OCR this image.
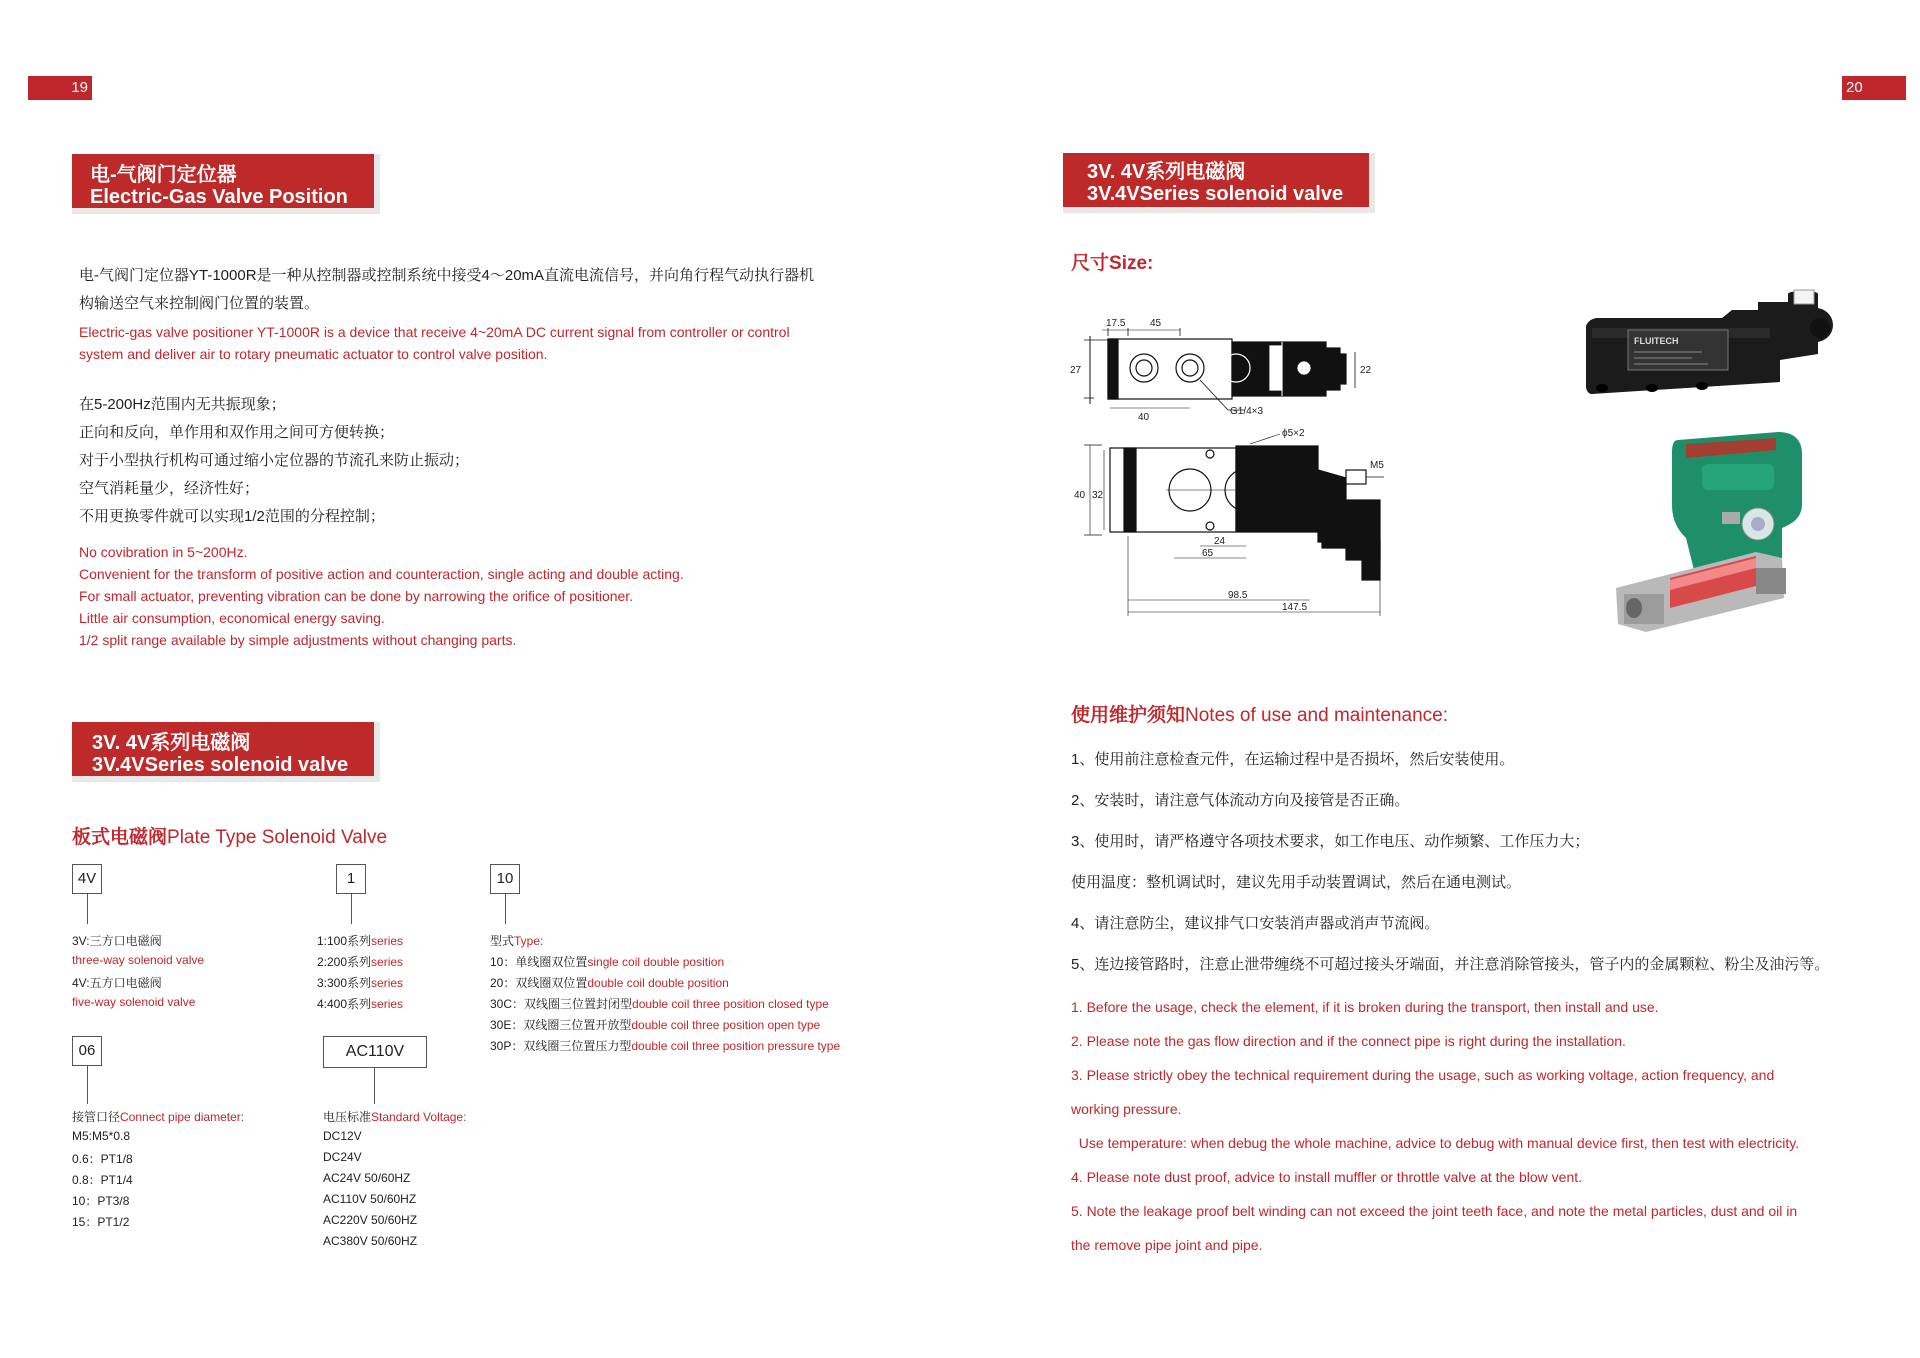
19
电-气阀门定位器
Electric-Gas Valve Position
电-气阀门定位器YT-1000R是一种从控制器或控制系统中接受4～20mA直流电流信号，并向角行程气动执行器机
构输送空气来控制阀门位置的装置。
Electric-gas valve positioner YT-1000R is a device that receive 4~20mA DC current signal from controller or control
system and deliver air to rotary pneumatic actuator to control valve position.
在5-200Hz范围内无共振现象；
正向和反向，单作用和双作用之间可方便转换；
对于小型执行机构可通过缩小定位器的节流孔来防止振动；
空气消耗量少，经济性好；
不用更换零件就可以实现1/2范围的分程控制；
No covibration in 5~200Hz.
Convenient for the transform of positive action and counteraction, single acting and double acting.
For small actuator, preventing vibration can be done by narrowing the orifice of positioner.
Little air consumption, economical energy saving.
1/2 split range available by simple adjustments without changing parts.
3V. 4V系列电磁阀
3V.4VSeries solenoid valve
板式电磁阀Plate Type Solenoid Valve
4V
3V:三方口电磁阀
three-way solenoid valve
4V:五方口电磁阀
five-way solenoid valve
1
1:100系列series
2:200系列series
3:300系列series
4:400系列series
10
型式Type:
10：单线圈双位置single coil double position
20：双线圈双位置double coil double position
30C：双线圈三位置封闭型double coil three position closed type
30E：双线圈三位置开放型double coil three position open type
30P：双线圈三位置压力型double coil three position pressure type
06
接管口径Connect pipe diameter:
M5:M5*0.8
0.6：PT1/8
0.8：PT1/4
10：PT3/8
15：PT1/2
AC110V
电压标准Standard Voltage:
DC12V
DC24V
AC24V 50/60HZ
AC110V 50/60HZ
AC220V 50/60HZ
AC380V 50/60HZ
20
3V. 4V系列电磁阀
3V.4VSeries solenoid valve
尺寸Size:
17.5 45
27	22
40
G1/4×3
ϕ5×2
M5
40 32
24
65
98.5
147.5
FLUITECH
使用维护须知Notes of use and maintenance:
1、使用前注意检查元件，在运输过程中是否损坏，然后安装使用。
2、安装时，请注意气体流动方向及接管是否正确。
3、使用时，请严格遵守各项技术要求，如工作电压、动作频繁、工作压力大；
使用温度：整机调试时，建议先用手动装置调试，然后在通电测试。
4、请注意防尘，建议排气口安装消声器或消声节流阀。
5、连边接管路时，注意止泄带缠绕不可超过接头牙端面，并注意消除管接头，管子内的金属颗粒、粉尘及油污等。
1. Before the usage, check the element, if it is broken during the transport, then install and use.
2. Please note the gas flow direction and if the connect pipe is right during the installation.
3. Please strictly obey the technical requirement during the usage, such as working voltage, action frequency, and
working pressure.
Use temperature: when debug the whole machine, advice to debug with manual device first, then test with electricity.
4. Please note dust proof, advice to install muffler or throttle valve at the blow vent.
5. Note the leakage proof belt winding can not exceed the joint teeth face, and note the metal particles, dust and oil in
the remove pipe joint and pipe.
